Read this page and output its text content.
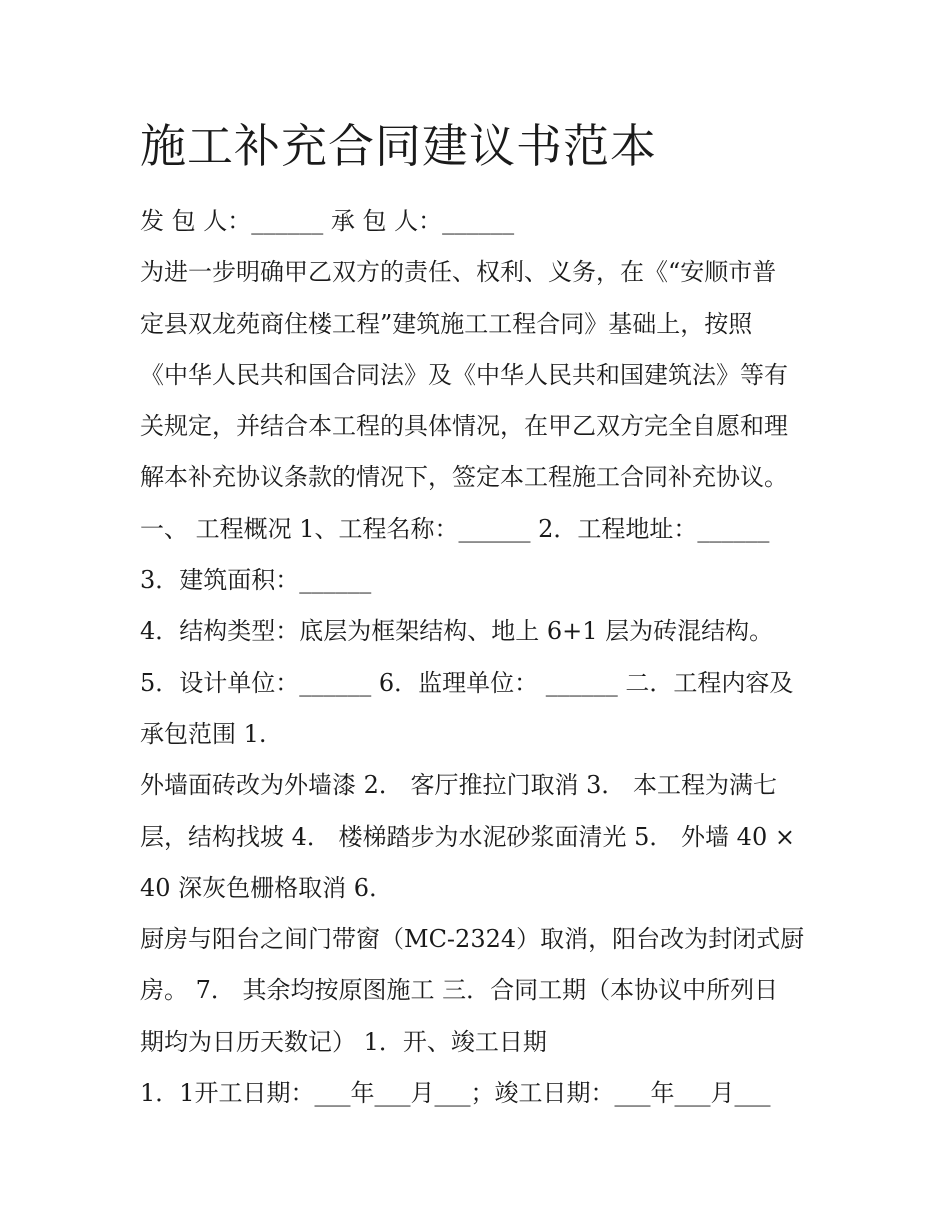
施工补充合同建议书范本
发 包 人：______ 承 包 人：______
为进一步明确甲乙双方的责任、权利、义务，在《“安顺市普
定县双龙苑商住楼工程”建筑施工工程合同》基础上，按照
《中华人民共和国合同法》及《中华人民共和国建筑法》等有
关规定，并结合本工程的具体情况，在甲乙双方完全自愿和理
解本补充协议条款的情况下，签定本工程施工合同补充协议。
一、 工程概况 1、工程名称：______ 2．工程地址：______
3．建筑面积：______
4．结构类型：底层为框架结构、地上 6+1 层为砖混结构。
5．设计单位：______ 6．监理单位： ______ 二．工程内容及
承包范围 1.
外墙面砖改为外墙漆 2． 客厅推拉门取消 3． 本工程为满七
层，结构找坡 4． 楼梯踏步为水泥砂浆面清光 5． 外墙 40 ×
40 深灰色栅格取消 6．
厨房与阳台之间门带窗（MC-2324）取消，阳台改为封闭式厨
房。 7． 其余均按原图施工 三．合同工期（本协议中所列日
期均为日历天数记） 1．开、竣工日期
1．1开工日期：___年___月___；竣工日期：___年___月___
